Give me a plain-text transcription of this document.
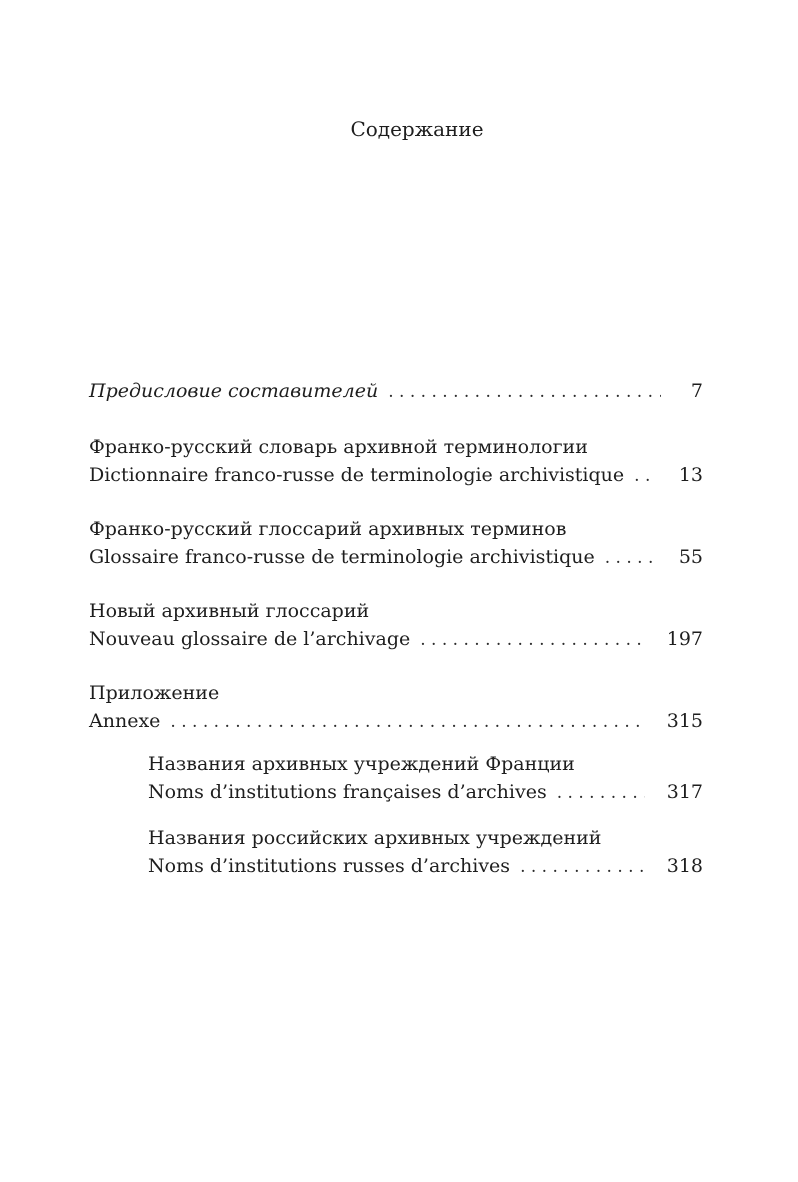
Содержание
Предисловие составителей . . .	7
Франко-русский словарь архивной терминологии
Dictionnaire franco-russe de terminologie archivistique . . .	13
Франко-русский глоссарий архивных терминов
Glossaire franco-russe de terminologie archivistique . . .	55
Новый архивный глоссарий
Nouveau glossaire de l’archivage . . .	197
Приложение
Annexe . . .	315
Названия архивных учреждений Франции
Noms d’institutions françaises d’archives . . .	317
Названия российских архивных учреждений
Noms d’institutions russes d’archives . . .	318
